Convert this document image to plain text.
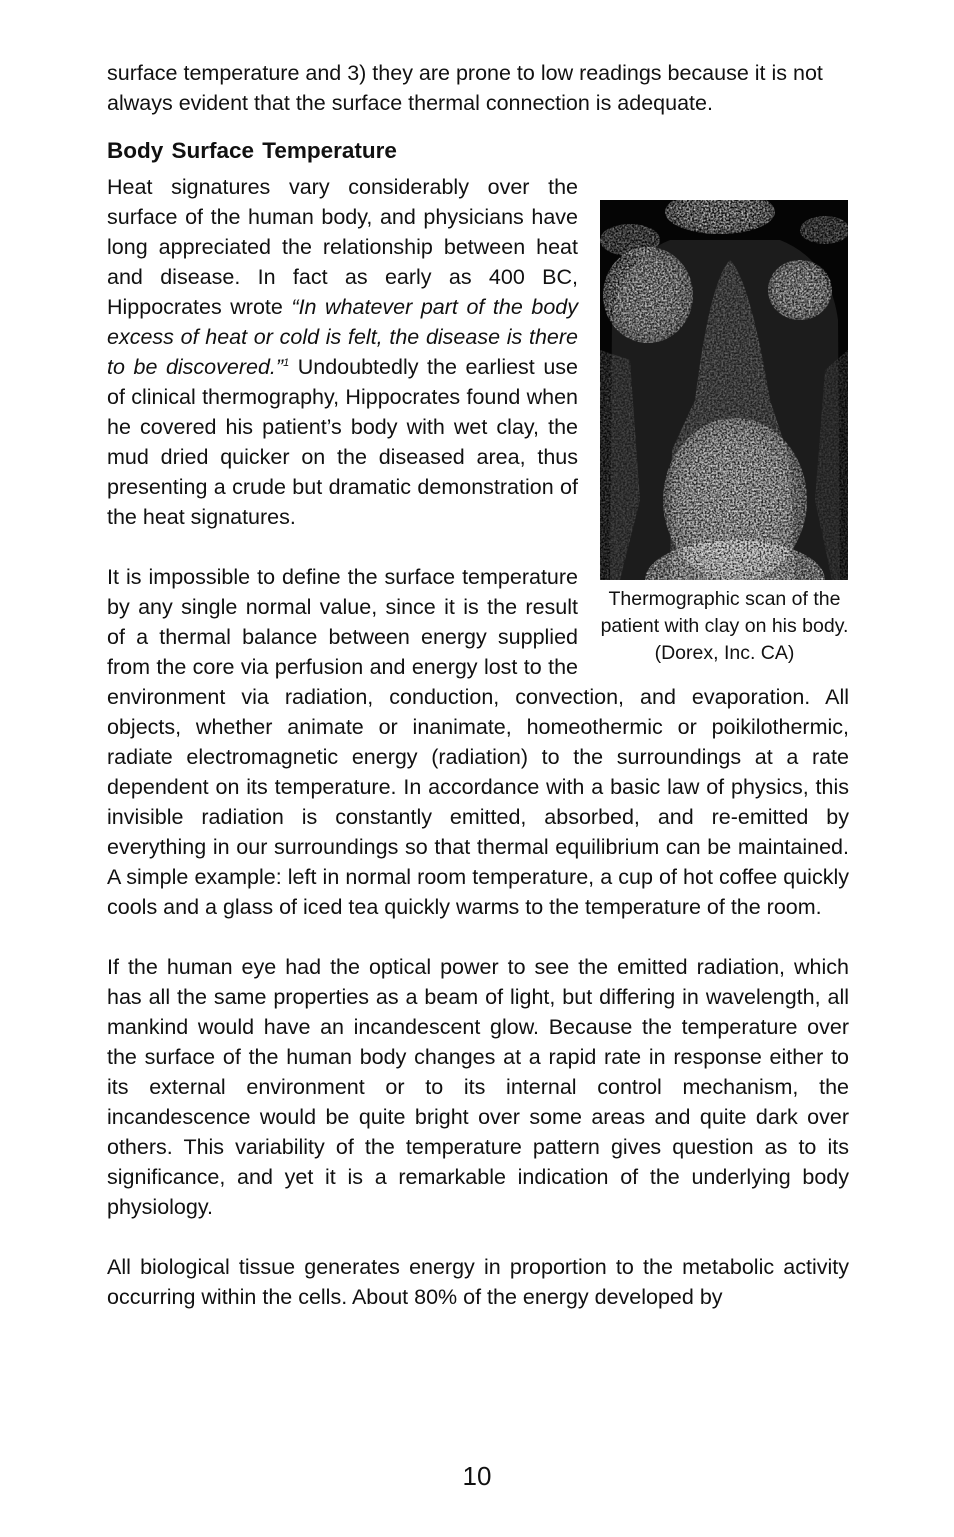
surface temperature and 3) they are prone to low readings because it is not always evident that the surface thermal connection is adequate.

Body Surface Temperature
Thermographic scan of the patient with clay on his body. (Dorex, Inc. CA)

Heat signatures vary considerably over the surface of the human body, and physicians have long appreciated the relationship between heat and disease. In fact as early as 400 BC, Hippocrates wrote “In whatever part of the body excess of heat or cold is felt, the disease is there to be discovered.”$^1$ Undoubtedly the earliest use of clinical thermography, Hippocrates found when he covered his patient’s body with wet clay, the mud dried quicker on the diseased area, thus presenting a crude but dramatic demonstration of the heat signatures.

It is impossible to define the surface temperature by any single normal value, since it is the result of a thermal balance between energy supplied from the core via perfusion and energy lost to the environment via radiation, conduction, convection, and evaporation. All objects, whether animate or inanimate, homeothermic or poikilothermic, radiate electromagnetic energy (radiation) to the surroundings at a rate dependent on its temperature. In accordance with a basic law of physics, this invisible radiation is constantly emitted, absorbed, and re-emitted by everything in our surroundings so that thermal equilibrium can be maintained. A simple example: left in normal room temperature, a cup of hot coffee quickly cools and a glass of iced tea quickly warms to the temperature of the room.

If the human eye had the optical power to see the emitted radiation, which has all the same properties as a beam of light, but differing in wavelength, all mankind would have an incandescent glow. Because the temperature over the surface of the human body changes at a rapid rate in response either to its external environment or to its internal control mechanism, the incandescence would be quite bright over some areas and quite dark over others. This variability of the temperature pattern gives question as to its significance, and yet it is a remarkable indication of the underlying body physiology.

All biological tissue generates energy in proportion to the metabolic activity occurring within the cells. About 80% of the energy developed by

10
